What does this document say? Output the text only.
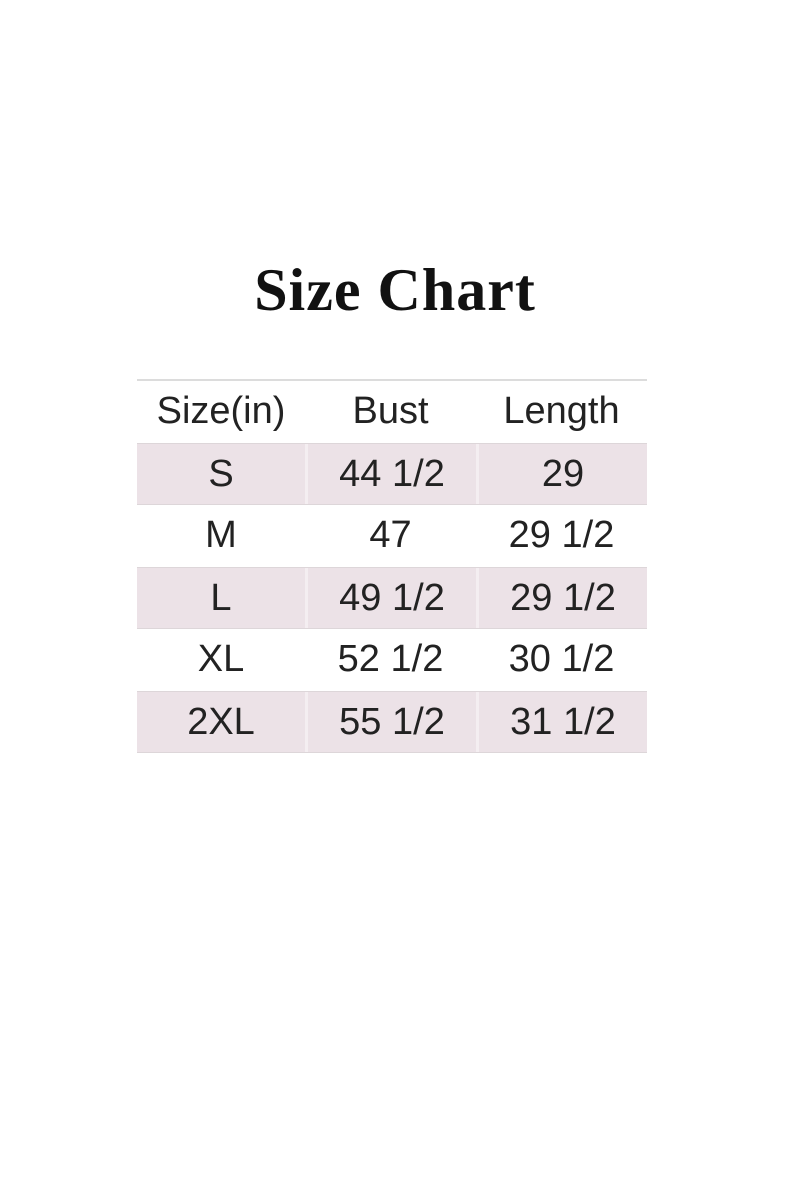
Size Chart
Size(in)	Bust	Length
S	44 1/2	29
M	47	29 1/2
L	49 1/2	29 1/2
XL	52 1/2	30 1/2
2XL	55 1/2	31 1/2
